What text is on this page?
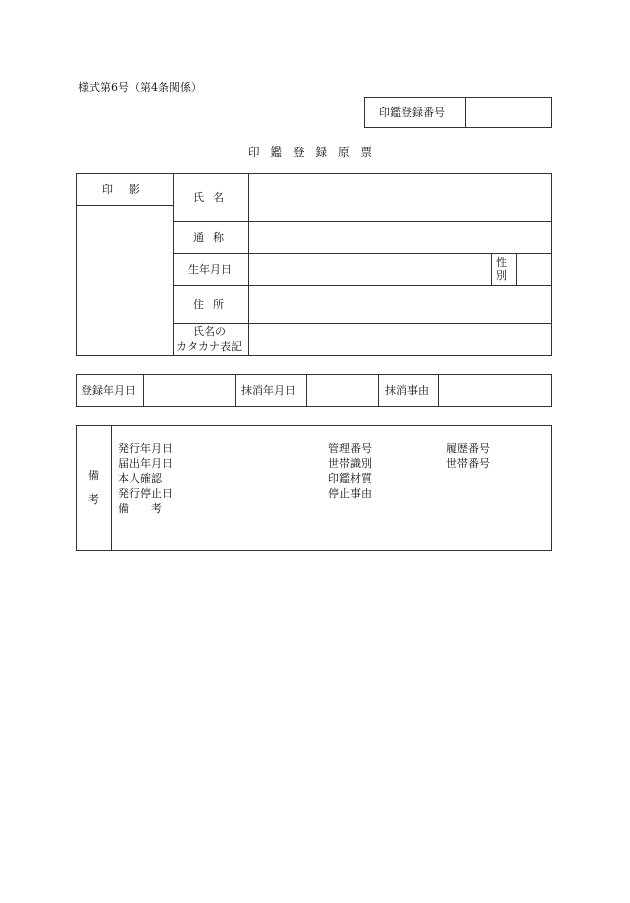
様式第6号（第4条関係）
印鑑登録番号
印鑑登録原票
印影
氏名
通称
生年月日
性
別
住所
氏名の
カタカナ表記
登録年月日	抹消年月日	抹消事由
備
考
発行年月日
届出年月日
本人確認
発行停止日
備　　考
管理番号
世帯識別
印鑑材質
停止事由
履歴番号
世帯番号
